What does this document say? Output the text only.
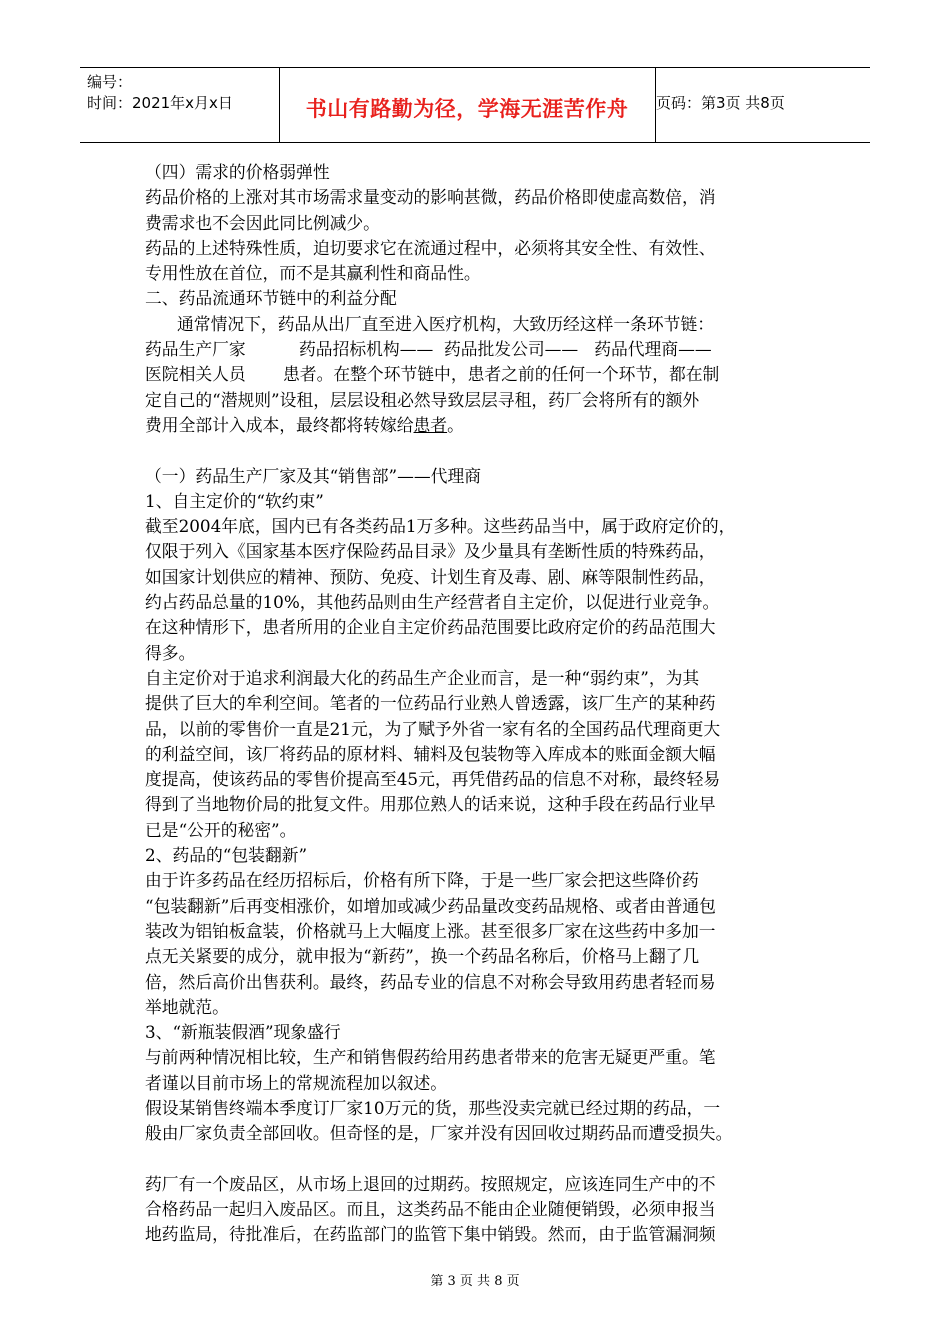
编号：
时间：2021年x月x日	书山有路勤为径，学海无涯苦作舟	页码：第3页 共8页
（四）需求的价格弱弹性
药品价格的上涨对其市场需求量变动的影响甚微，药品价格即使虚高数倍，消
费需求也不会因此同比例减少。
药品的上述特殊性质，迫切要求它在流通过程中，必须将其安全性、有效性、
专用性放在首位，而不是其赢利性和商品性。
二、药品流通环节链中的利益分配
通常情况下，药品从出厂直至进入医疗机构，大致历经这样一条环节链：
药品生产厂家          药品招标机构——  药品批发公司——   药品代理商——
医院相关人员       患者。在整个环节链中，患者之前的任何一个环节，都在制
定自己的“潜规则”设租，层层设租必然导致层层寻租，药厂会将所有的额外
费用全部计入成本，最终都将转嫁给患者。
（一）药品生产厂家及其“销售部”——代理商
1、自主定价的“软约束”
截至2004年底，国内已有各类药品1万多种。这些药品当中，属于政府定价的，
仅限于列入《国家基本医疗保险药品目录》及少量具有垄断性质的特殊药品，
如国家计划供应的精神、预防、免疫、计划生育及毒、剧、麻等限制性药品，
约占药品总量的10%，其他药品则由生产经营者自主定价，以促进行业竞争。
在这种情形下，患者所用的企业自主定价药品范围要比政府定价的药品范围大
得多。
自主定价对于追求利润最大化的药品生产企业而言，是一种“弱约束”，为其
提供了巨大的牟利空间。笔者的一位药品行业熟人曾透露，该厂生产的某种药
品，以前的零售价一直是21元，为了赋予外省一家有名的全国药品代理商更大
的利益空间，该厂将药品的原材料、辅料及包装物等入库成本的账面金额大幅
度提高，使该药品的零售价提高至45元，再凭借药品的信息不对称，最终轻易
得到了当地物价局的批复文件。用那位熟人的话来说，这种手段在药品行业早
已是“公开的秘密”。
2、药品的“包装翻新”
由于许多药品在经历招标后，价格有所下降，于是一些厂家会把这些降价药
“包装翻新”后再变相涨价，如增加或减少药品量改变药品规格、或者由普通包
装改为铝铂板盒装，价格就马上大幅度上涨。甚至很多厂家在这些药中多加一
点无关紧要的成分，就申报为“新药”，换一个药品名称后，价格马上翻了几
倍，然后高价出售获利。最终，药品专业的信息不对称会导致用药患者轻而易
举地就范。
3、“新瓶装假酒”现象盛行
与前两种情况相比较，生产和销售假药给用药患者带来的危害无疑更严重。笔
者谨以目前市场上的常规流程加以叙述。
假设某销售终端本季度订厂家10万元的货，那些没卖完就已经过期的药品，一
般由厂家负责全部回收。但奇怪的是，厂家并没有因回收过期药品而遭受损失。
药厂有一个废品区，从市场上退回的过期药。按照规定，应该连同生产中的不
合格药品一起归入废品区。而且，这类药品不能由企业随便销毁，必须申报当
地药监局，待批准后，在药监部门的监管下集中销毁。然而，由于监管漏洞频
第 3 页 共 8 页
